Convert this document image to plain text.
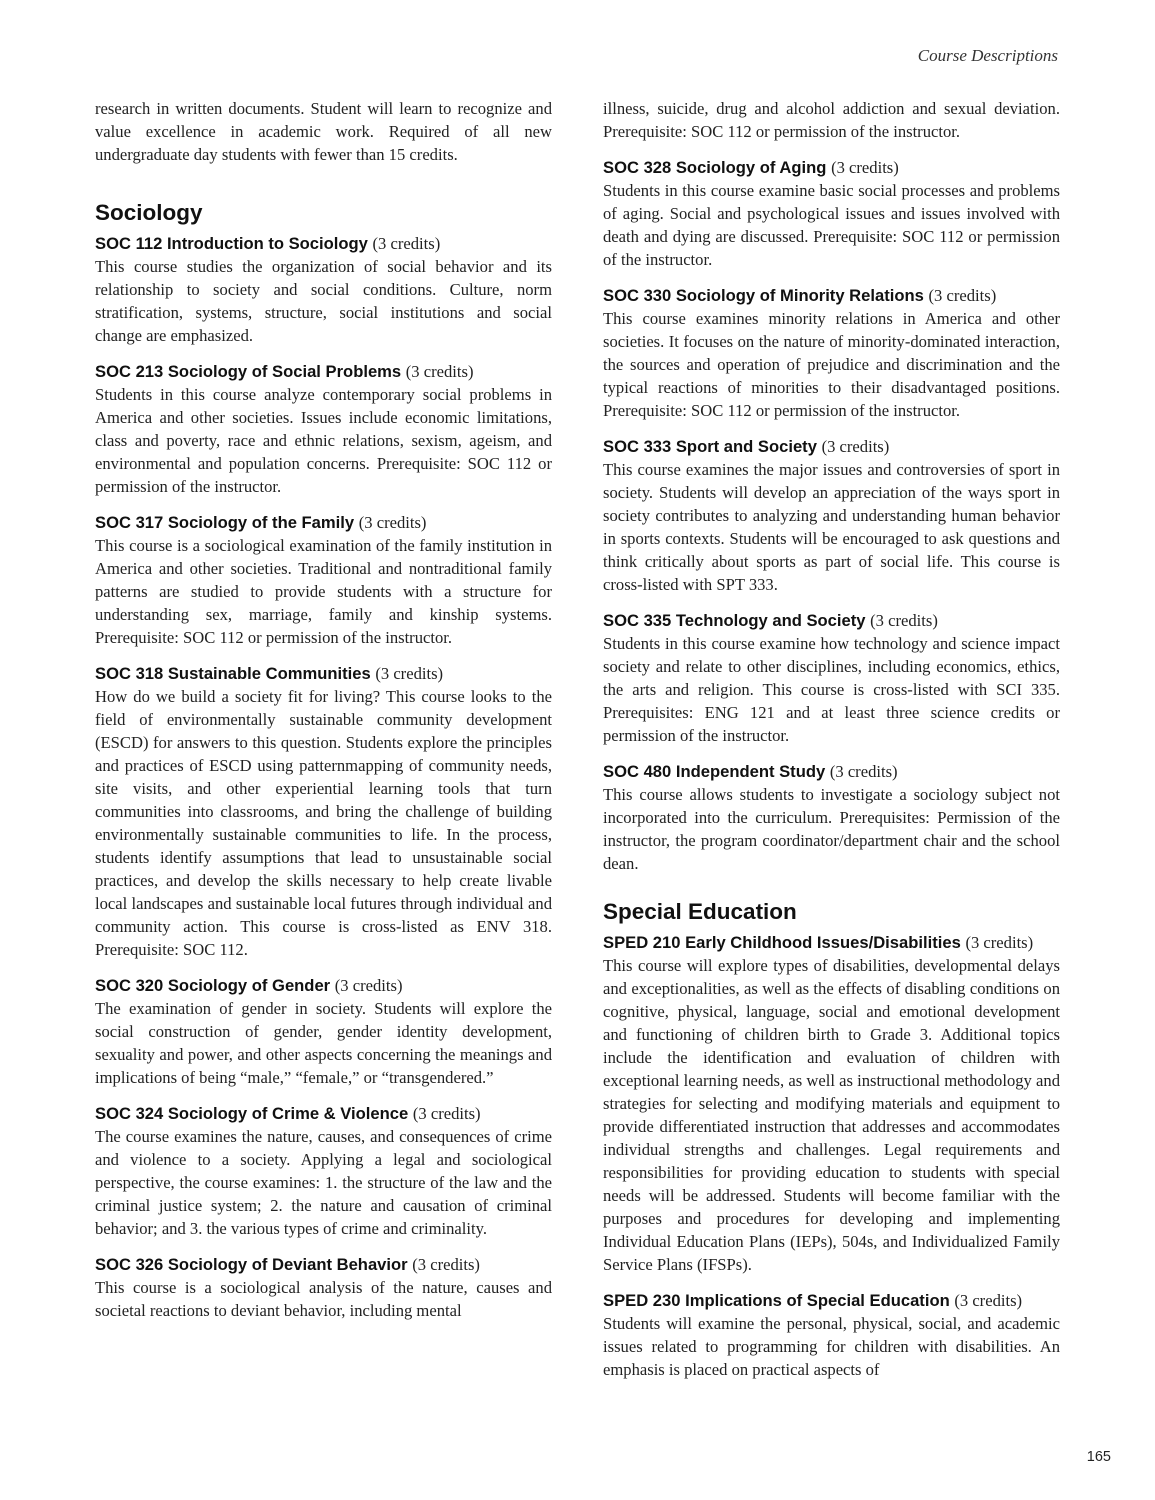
Course Descriptions

research in written documents. Student will learn to recognize and value excellence in academic work. Required of all new undergraduate day students with fewer than 15 credits.

Sociology

SOC 112 Introduction to Sociology (3 credits)

This course studies the organization of social behavior and its relationship to society and social conditions. Culture, norm stratification, systems, structure, social institutions and social change are emphasized.

SOC 213 Sociology of Social Problems (3 credits)

Students in this course analyze contemporary social problems in America and other societies. Issues include economic limitations, class and poverty, race and ethnic relations, sexism, ageism, and environmental and population concerns. Prerequisite: SOC 112 or permission of the instructor.

SOC 317 Sociology of the Family (3 credits)

This course is a sociological examination of the family institution in America and other societies. Traditional and nontraditional family patterns are studied to provide students with a structure for understanding sex, marriage, family and kinship systems. Prerequisite: SOC 112 or permission of the instructor.

SOC 318 Sustainable Communities (3 credits)

How do we build a society fit for living? This course looks to the field of environmentally sustainable community development (ESCD) for answers to this question. Students explore the principles and practices of ESCD using patternmapping of community needs, site visits, and other experiential learning tools that turn communities into classrooms, and bring the challenge of building environmentally sustainable communities to life. In the process, students identify assumptions that lead to unsustainable social practices, and develop the skills necessary to help create livable local landscapes and sustainable local futures through individual and community action. This course is cross-listed as ENV 318. Prerequisite: SOC 112.

SOC 320 Sociology of Gender (3 credits)

The examination of gender in society. Students will explore the social construction of gender, gender identity development, sexuality and power, and other aspects concerning the meanings and implications of being “male,” “female,” or “transgendered.”

SOC 324 Sociology of Crime & Violence (3 credits)

The course examines the nature, causes, and consequences of crime and violence to a society. Applying a legal and sociological perspective, the course examines: 1. the structure of the law and the criminal justice system; 2. the nature and causation of criminal behavior; and 3. the various types of crime and criminality.

SOC 326 Sociology of Deviant Behavior (3 credits)

This course is a sociological analysis of the nature, causes and societal reactions to deviant behavior, including mental

illness, suicide, drug and alcohol addiction and sexual deviation. Prerequisite: SOC 112 or permission of the instructor.

SOC 328 Sociology of Aging (3 credits)

Students in this course examine basic social processes and problems of aging. Social and psychological issues and issues involved with death and dying are discussed. Prerequisite: SOC 112 or permission of the instructor.

SOC 330 Sociology of Minority Relations (3 credits)

This course examines minority relations in America and other societies. It focuses on the nature of minority-dominated interaction, the sources and operation of prejudice and discrimination and the typical reactions of minorities to their disadvantaged positions. Prerequisite: SOC 112 or permission of the instructor.

SOC 333 Sport and Society (3 credits)

This course examines the major issues and controversies of sport in society. Students will develop an appreciation of the ways sport in society contributes to analyzing and understanding human behavior in sports contexts. Students will be encouraged to ask questions and think critically about sports as part of social life. This course is cross-listed with SPT 333.

SOC 335 Technology and Society (3 credits)

Students in this course examine how technology and science impact society and relate to other disciplines, including economics, ethics, the arts and religion. This course is cross-listed with SCI 335. Prerequisites: ENG 121 and at least three science credits or permission of the instructor.

SOC 480 Independent Study (3 credits)

This course allows students to investigate a sociology subject not incorporated into the curriculum. Prerequisites: Permission of the instructor, the program coordinator/department chair and the school dean.

Special Education

SPED 210 Early Childhood Issues/Disabilities (3 credits)

This course will explore types of disabilities, developmental delays and exceptionalities, as well as the effects of disabling conditions on cognitive, physical, language, social and emotional development and functioning of children birth to Grade 3. Additional topics include the identification and evaluation of children with exceptional learning needs, as well as instructional methodology and strategies for selecting and modifying materials and equipment to provide differentiated instruction that addresses and accommodates individual strengths and challenges. Legal requirements and responsibilities for providing education to students with special needs will be addressed. Students will become familiar with the purposes and procedures for developing and implementing Individual Education Plans (IEPs), 504s, and Individualized Family Service Plans (IFSPs).

SPED 230 Implications of Special Education (3 credits)

Students will examine the personal, physical, social, and academic issues related to programming for children with disabilities. An emphasis is placed on practical aspects of

165
